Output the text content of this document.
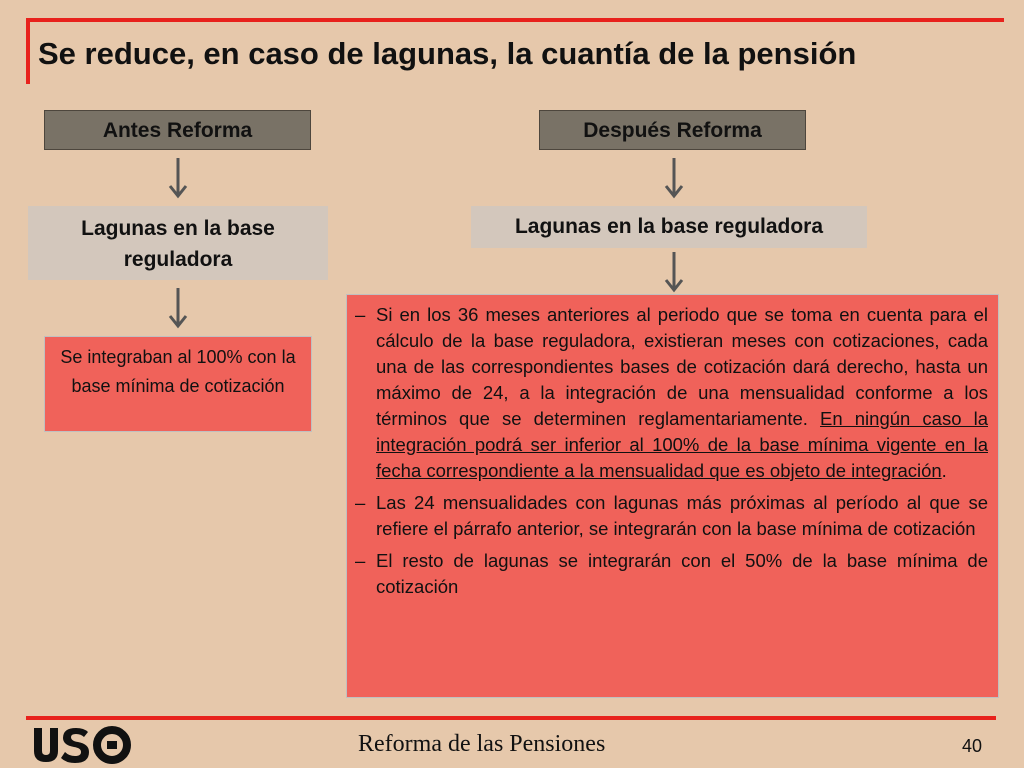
Se reduce, en caso de lagunas, la cuantía de la pensión
Antes Reforma
Lagunas en la base reguladora
Se integraban al 100% con la base mínima de cotización
Después Reforma
Lagunas en la base reguladora
– Si en los 36 meses anteriores al periodo que se toma en cuenta para el cálculo de la base reguladora, existieran meses con cotizaciones, cada una de las correspondientes bases de cotización dará derecho, hasta un máximo de 24, a la integración de una mensualidad conforme a los términos que se determinen reglamentariamente. En ningún caso la integración podrá ser inferior al 100% de la base mínima vigente en la fecha correspondiente a la mensualidad que es objeto de integración.
– Las 24 mensualidades con lagunas más próximas al período al que se refiere el párrafo anterior, se integrarán con la base mínima de cotización
– El resto de lagunas se integrarán con el 50% de la base mínima de cotización
Reforma de las Pensiones	40
